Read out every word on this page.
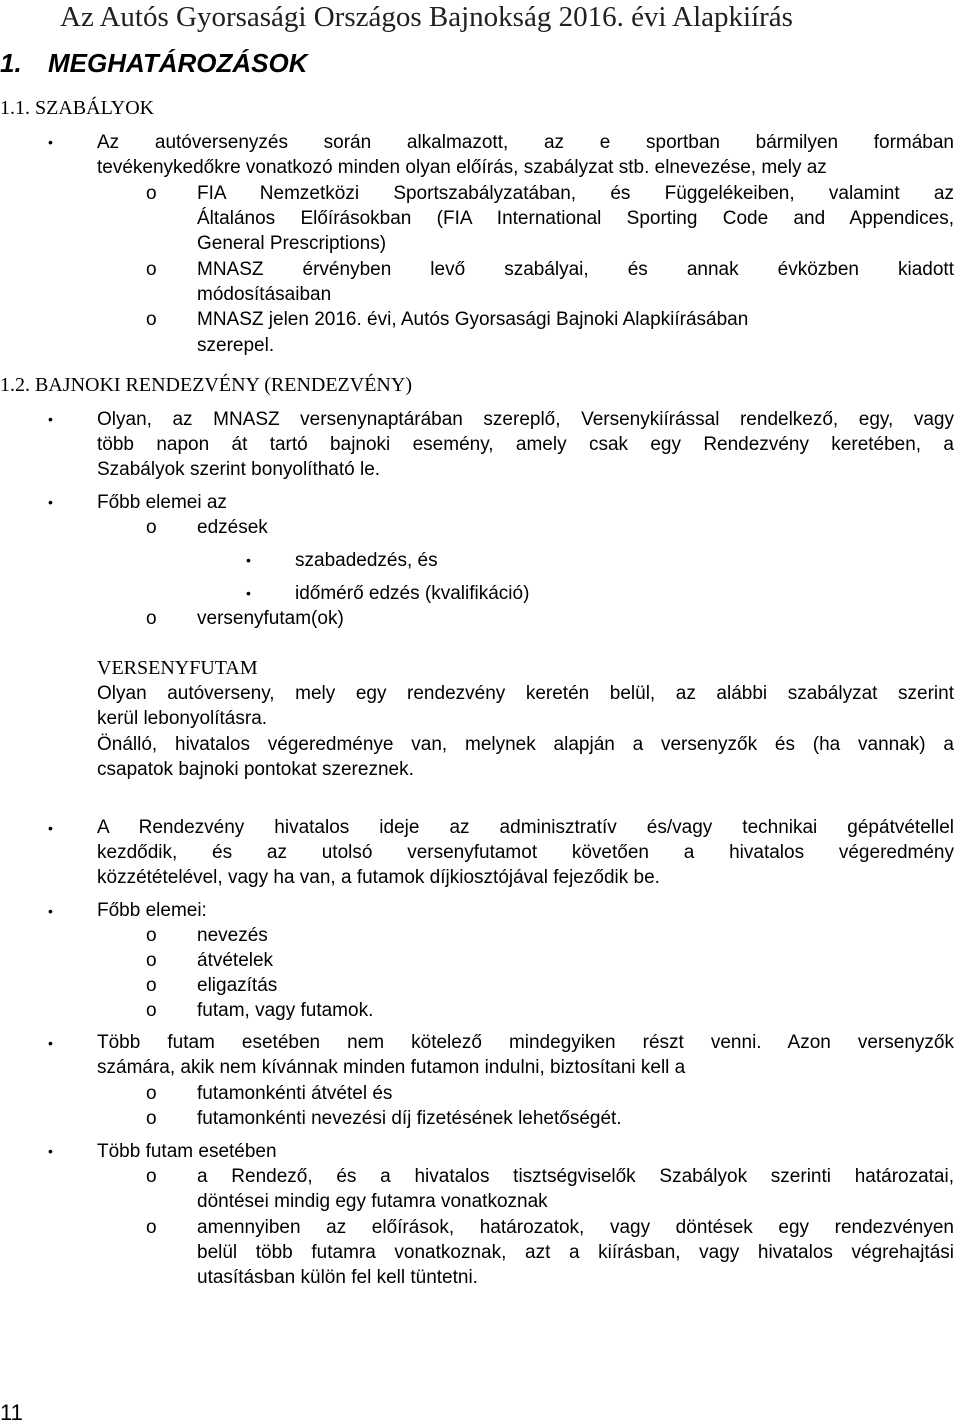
Az Autós Gyorsasági Országos Bajnokság 2016. évi Alapkiírás
1. MEGHATÁROZÁSOK
1.1. SZABÁLYOK
• Az autóversenyzés során alkalmazott, az e sportban bármilyen formában
tevékenykedőkre vonatkozó minden olyan előírás, szabályzat stb. elnevezése, mely az
o FIA Nemzetközi Sportszabályzatában, és Függelékeiben, valamint az
Általános Előírásokban (FIA International Sporting Code and Appendices,
General Prescriptions)
o MNASZ érvényben levő szabályai, és annak évközben kiadott
módosításaiban
o MNASZ jelen 2016. évi, Autós Gyorsasági Bajnoki Alapkiírásában
szerepel.
1.2. BAJNOKI RENDEZVÉNY (RENDEZVÉNY)
• Olyan, az MNASZ versenynaptárában szereplő, Versenykiírással rendelkező, egy, vagy
több napon át tartó bajnoki esemény, amely csak egy Rendezvény keretében, a
Szabályok szerint bonyolítható le.
• Főbb elemei az
o edzések
• szabadedzés, és
• időmérő edzés (kvalifikáció)
o versenyfutam(ok)
VERSENYFUTAM
Olyan autóverseny, mely egy rendezvény keretén belül, az alábbi szabályzat szerint
kerül lebonyolításra.
Önálló, hivatalos végeredménye van, melynek alapján a versenyzők és (ha vannak) a
csapatok bajnoki pontokat szereznek.
• A Rendezvény hivatalos ideje az adminisztratív és/vagy technikai gépátvétellel
kezdődik, és az utolsó versenyfutamot követően a hivatalos végeredmény
közzétételével, vagy ha van, a futamok díjkiosztójával fejeződik be.
• Főbb elemei:
o nevezés
o átvételek
o eligazítás
o futam, vagy futamok.
• Több futam esetében nem kötelező mindegyiken részt venni. Azon versenyzők
számára, akik nem kívánnak minden futamon indulni, biztosítani kell a
o futamonkénti átvétel és
o futamonkénti nevezési díj fizetésének lehetőségét.
• Több futam esetében
o a Rendező, és a hivatalos tisztségviselők Szabályok szerinti határozatai,
döntései mindig egy futamra vonatkoznak
o amennyiben az előírások, határozatok, vagy döntések egy rendezvényen
belül több futamra vonatkoznak, azt a kiírásban, vagy hivatalos végrehajtási
utasításban külön fel kell tüntetni.
11
